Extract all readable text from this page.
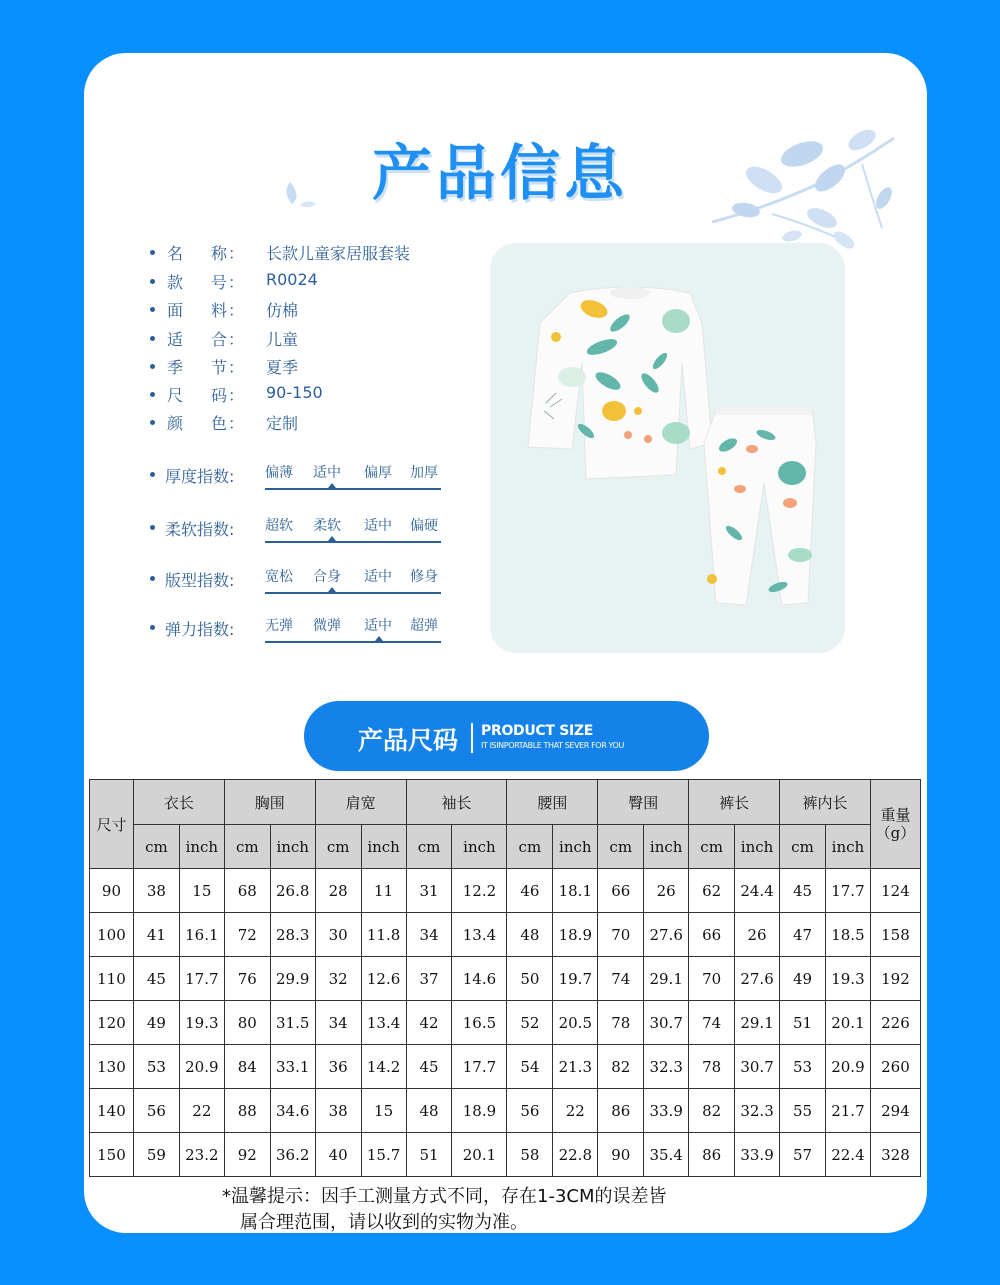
产品信息
名称 ： 长款儿童家居服套装
款号 ： R0024
面料 ： 仿棉
适合 ： 儿童
季节 ： 夏季
尺码 ： 90-150
颜色 ： 定制
厚度指数: 偏薄 适中 偏厚 加厚
柔软指数: 超软 柔软 适中 偏硬
版型指数: 宽松 合身 适中 修身
弹力指数: 无弹 微弹 适中 超弹
产品尺码 PRODUCT SIZE
IT ISINPORTABLE THAT SEVER FOR YOU
尺寸	衣长		胸围		肩宽		袖长		腰围		臀围		裤长		裤内长		重量
（g）

	cm	inch	cm	inch	cm	inch	cm	inch	cm	inch	cm	inch	cm	inch	cm	inch	
90	38	15	68	26.8	28	11	31	12.2	46	18.1	66	26	62	24.4	45	17.7	124
100	41	16.1	72	28.3	30	11.8	34	13.4	48	18.9	70	27.6	66	26	47	18.5	158
110	45	17.7	76	29.9	32	12.6	37	14.6	50	19.7	74	29.1	70	27.6	49	19.3	192
120	49	19.3	80	31.5	34	13.4	42	16.5	52	20.5	78	30.7	74	29.1	51	20.1	226
130	53	20.9	84	33.1	36	14.2	45	17.7	54	21.3	82	32.3	78	30.7	53	20.9	260
140	56	22	88	34.6	38	15	48	18.9	56	22	86	33.9	82	32.3	55	21.7	294
150	59	23.2	92	36.2	40	15.7	51	20.1	58	22.8	90	35.4	86	33.9	57	22.4	328
*温馨提示：因手工测量方式不同，存在1-3CM的误差皆
属合理范围，请以收到的实物为准。
